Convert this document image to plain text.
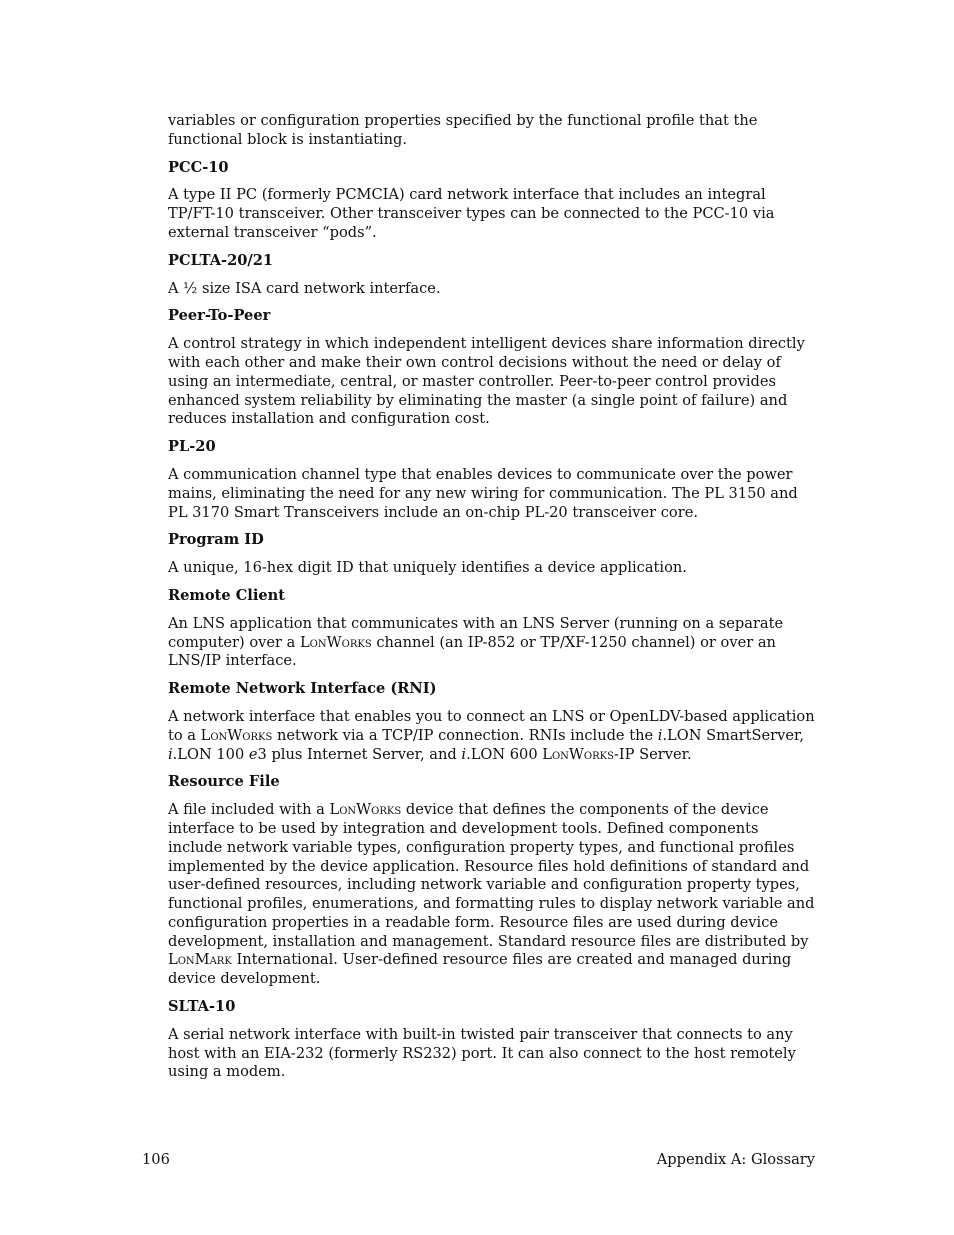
variables or configuration properties specified by the functional profile that the functional block is instantiating.

PCC-10

A type II PC (formerly PCMCIA) card network interface that includes an integral TP/FT-10 transceiver. Other transceiver types can be connected to the PCC-10 via external transceiver “pods”.

PCLTA-20/21

A ½ size ISA card network interface.

Peer-To-Peer

A control strategy in which independent intelligent devices share information directly with each other and make their own control decisions without the need or delay of using an intermediate, central, or master controller. Peer-to-peer control provides enhanced system reliability by eliminating the master (a single point of failure) and reduces installation and configuration cost.

PL-20

A communication channel type that enables devices to communicate over the power mains, eliminating the need for any new wiring for communication. The PL 3150 and PL 3170 Smart Transceivers include an on-chip PL-20 transceiver core.

Program ID

A unique, 16-hex digit ID that uniquely identifies a device application.

Remote Client

An LNS application that communicates with an LNS Server (running on a separate computer) over a LonWorks channel (an IP-852 or TP/XF-1250 channel) or over an LNS/IP interface.

Remote Network Interface (RNI)

A network interface that enables you to connect an LNS or OpenLDV-based application to a LonWorks network via a TCP/IP connection. RNIs include the i.LON SmartServer, i.LON 100 e3 plus Internet Server, and i.LON 600 LonWorks-IP Server.

Resource File

A file included with a LonWorks device that defines the components of the device interface to be used by integration and development tools. Defined components include network variable types, configuration property types, and functional profiles implemented by the device application. Resource files hold definitions of standard and user-defined resources, including network variable and configuration property types, functional profiles, enumerations, and formatting rules to display network variable and configuration properties in a readable form. Resource files are used during device development, installation and management. Standard resource files are distributed by LonMark International. User-defined resource files are created and managed during device development.

SLTA-10

A serial network interface with built-in twisted pair transceiver that connects to any host with an EIA-232 (formerly RS232) port. It can also connect to the host remotely using a modem.

106	Appendix A: Glossary
